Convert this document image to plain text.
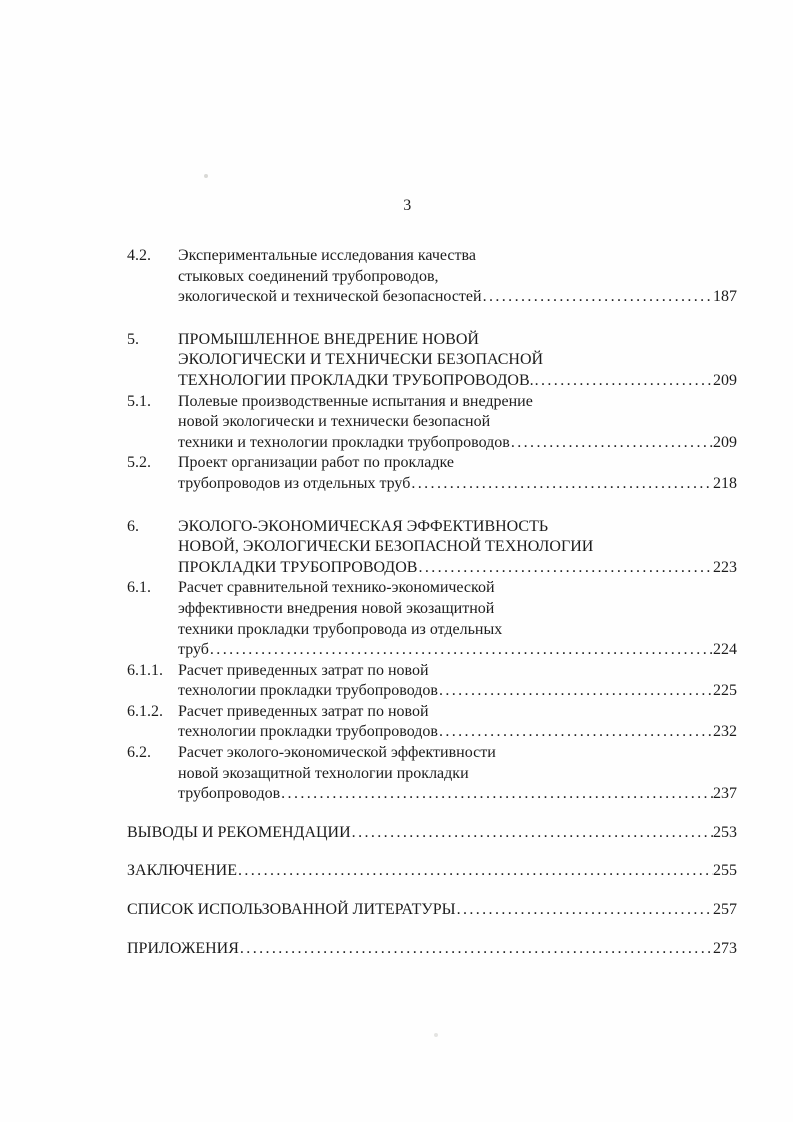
3
4.2. Экспериментальные исследования качества
стыковых соединений трубопроводов,
экологической и технической безопасностей .....	187
5. ПРОМЫШЛЕННОЕ ВНЕДРЕНИЕ НОВОЙ
ЭКОЛОГИЧЕСКИ И ТЕХНИЧЕСКИ БЕЗОПАСНОЙ
ТЕХНОЛОГИИ ПРОКЛАДКИ ТРУБОПРОВОДОВ. .....	209
5.1. Полевые производственные испытания и внедрение
новой экологически и технически безопасной
техники и технологии прокладки трубопроводов .....	209
5.2. Проект организации работ по прокладке
трубопроводов из отдельных труб .....	218
6. ЭКОЛОГО-ЭКОНОМИЧЕСКАЯ ЭФФЕКТИВНОСТЬ
НОВОЙ, ЭКОЛОГИЧЕСКИ БЕЗОПАСНОЙ ТЕХНОЛОГИИ
ПРОКЛАДКИ ТРУБОПРОВОДОВ .....	223
6.1. Расчет сравнительной технико-экономической
эффективности внедрения новой экозащитной
техники прокладки трубопровода из отдельных
труб .....	224
6.1.1. Расчет приведенных затрат по новой
технологии прокладки трубопроводов .....	225
6.1.2. Расчет приведенных затрат по новой
технологии прокладки трубопроводов .....	232
6.2. Расчет эколого-экономической эффективности
новой экозащитной технологии прокладки
трубопроводов .....	237
ВЫВОДЫ И РЕКОМЕНДАЦИИ .....	253
ЗАКЛЮЧЕНИЕ .....	255
СПИСОК ИСПОЛЬЗОВАННОЙ ЛИТЕРАТУРЫ .....	257
ПРИЛОЖЕНИЯ .....	273
